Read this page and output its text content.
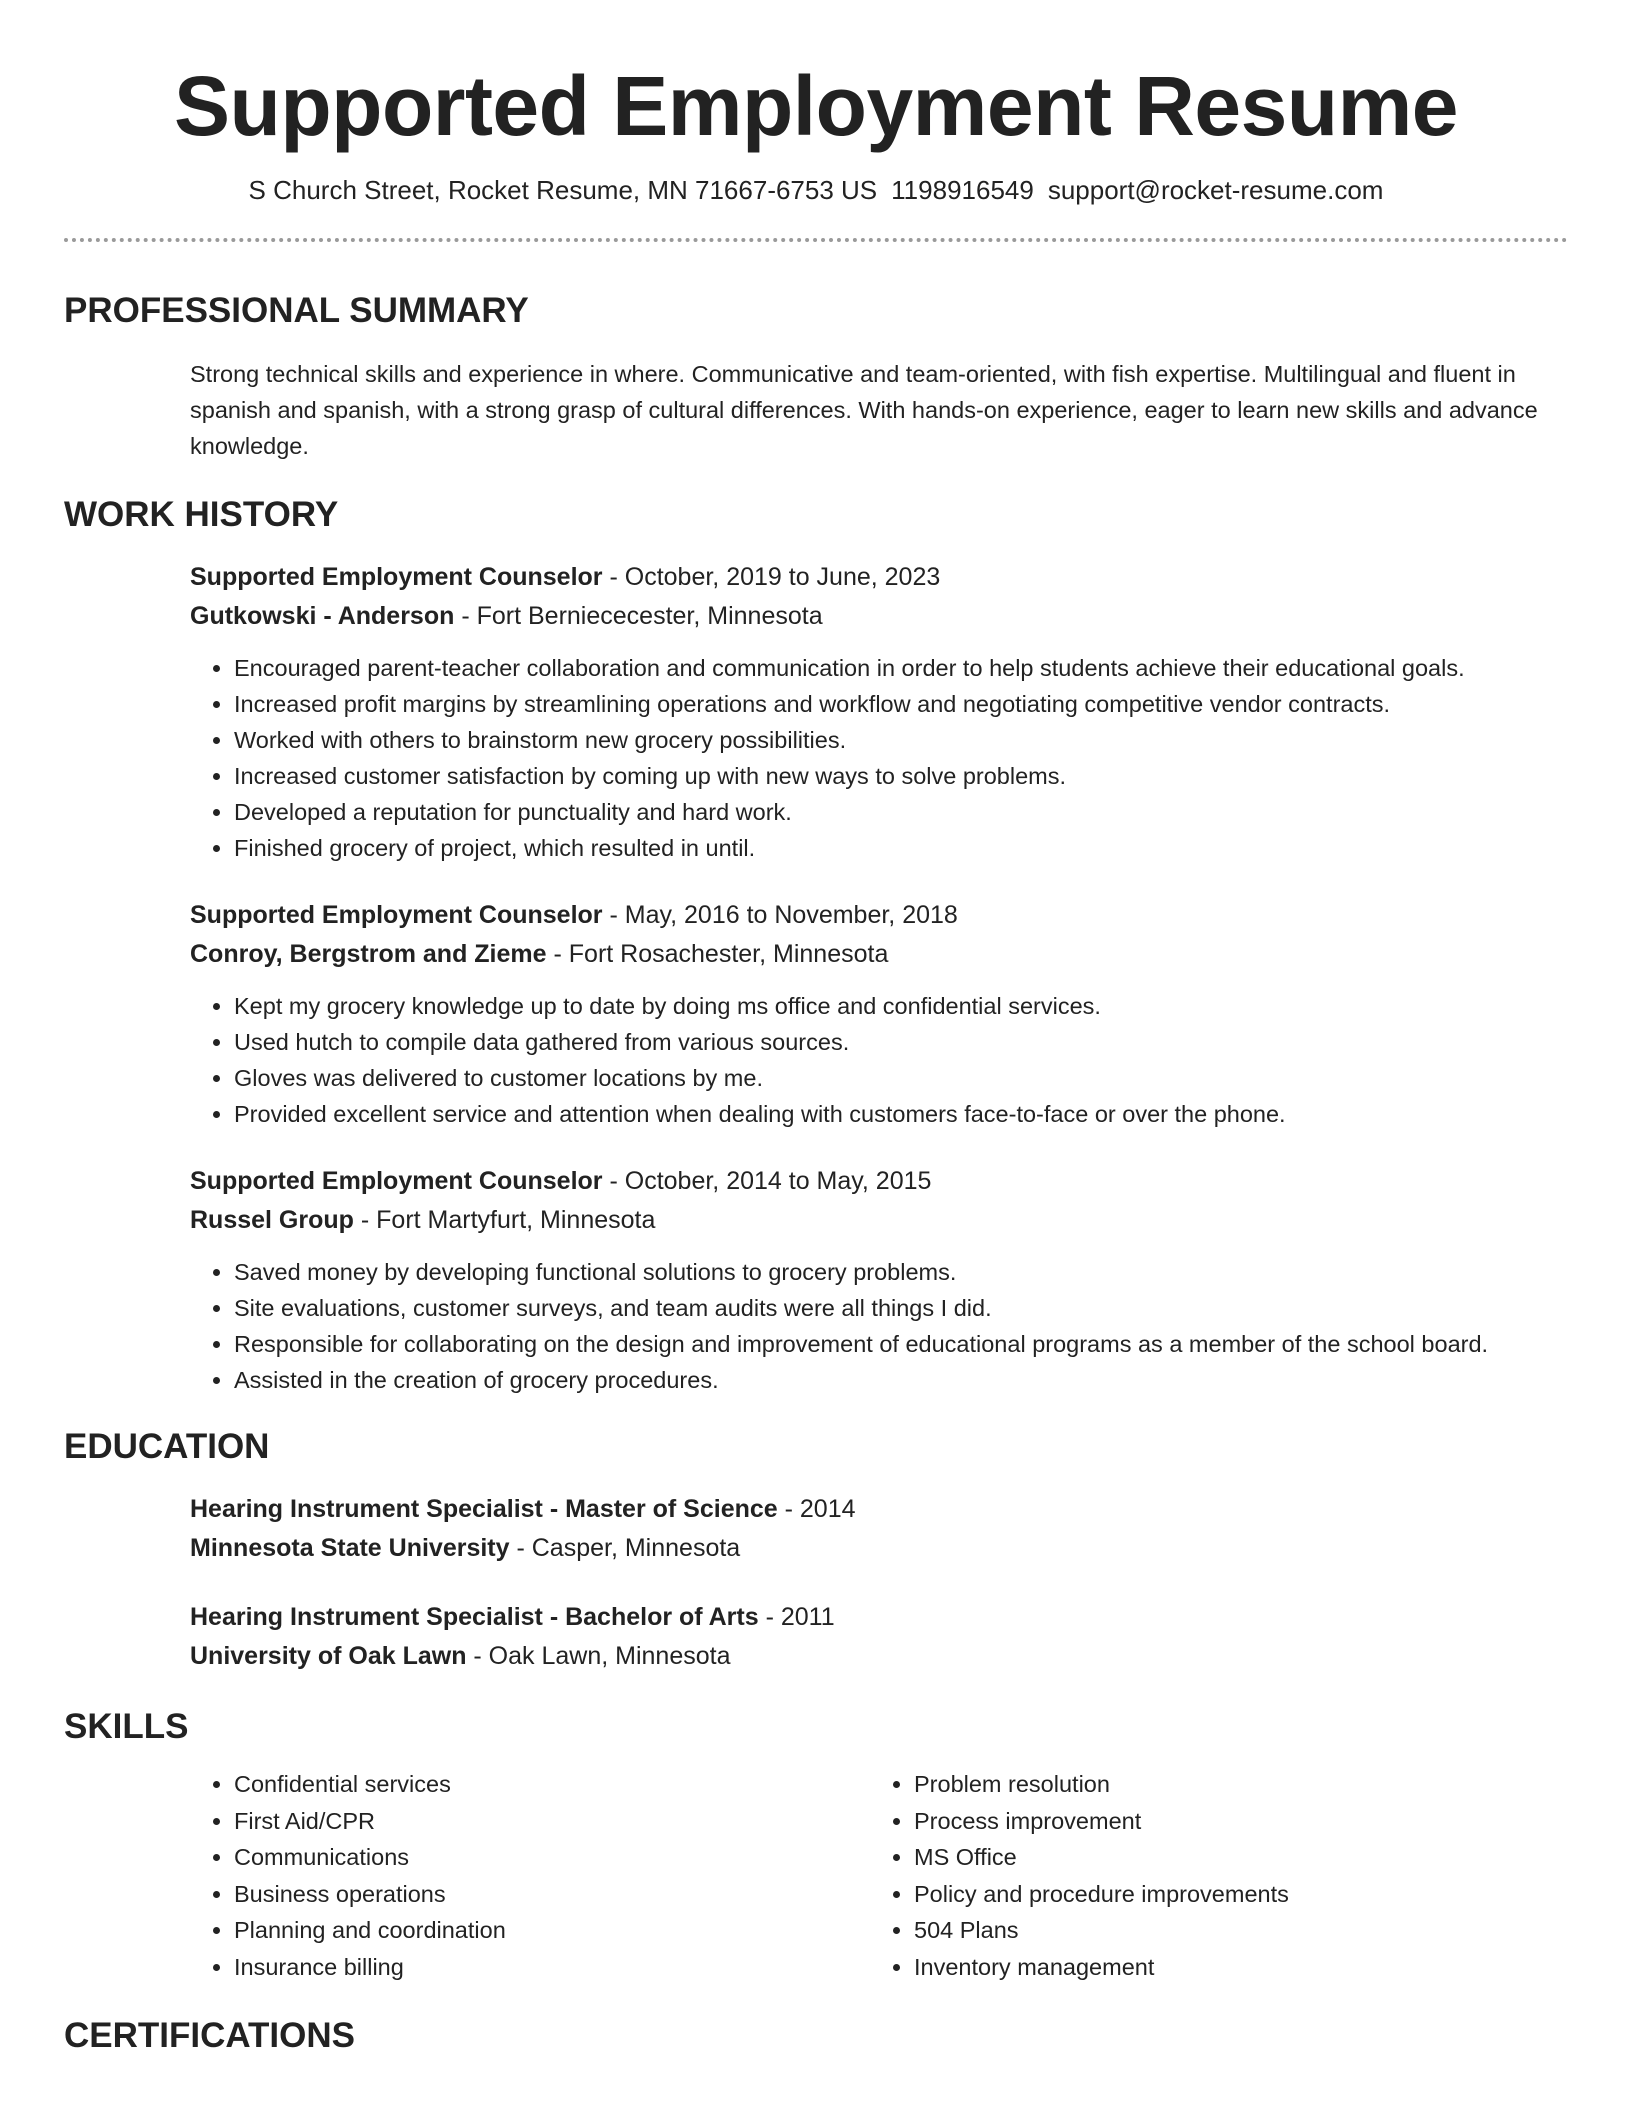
Supported Employment Resume
S Church Street, Rocket Resume, MN 71667-6753 US 1198916549 support@rocket-resume.com
PROFESSIONAL SUMMARY

Strong technical skills and experience in where. Communicative and team-oriented, with fish expertise. Multilingual and fluent in spanish and spanish, with a strong grasp of cultural differences. With hands-on experience, eager to learn new skills and advance knowledge.

WORK HISTORY
Supported Employment Counselor - October, 2019 to June, 2023
Gutkowski - Anderson - Fort Berniececester, Minnesota
• Encouraged parent-teacher collaboration and communication in order to help students achieve their educational goals.
• Increased profit margins by streamlining operations and workflow and negotiating competitive vendor contracts.
• Worked with others to brainstorm new grocery possibilities.
• Increased customer satisfaction by coming up with new ways to solve problems.
• Developed a reputation for punctuality and hard work.
• Finished grocery of project, which resulted in until.
Supported Employment Counselor - May, 2016 to November, 2018
Conroy, Bergstrom and Zieme - Fort Rosachester, Minnesota
• Kept my grocery knowledge up to date by doing ms office and confidential services.
• Used hutch to compile data gathered from various sources.
• Gloves was delivered to customer locations by me.
• Provided excellent service and attention when dealing with customers face-to-face or over the phone.
Supported Employment Counselor - October, 2014 to May, 2015
Russel Group - Fort Martyfurt, Minnesota
• Saved money by developing functional solutions to grocery problems.
• Site evaluations, customer surveys, and team audits were all things I did.
• Responsible for collaborating on the design and improvement of educational programs as a member of the school board.
• Assisted in the creation of grocery procedures.
EDUCATION
Hearing Instrument Specialist - Master of Science - 2014
Minnesota State University - Casper, Minnesota
Hearing Instrument Specialist - Bachelor of Arts - 2011
University of Oak Lawn - Oak Lawn, Minnesota
SKILLS
• Confidential services
• First Aid/CPR
• Communications
• Business operations
• Planning and coordination
• Insurance billing
• Problem resolution
• Process improvement
• MS Office
• Policy and procedure improvements
• 504 Plans
• Inventory management
CERTIFICATIONS
